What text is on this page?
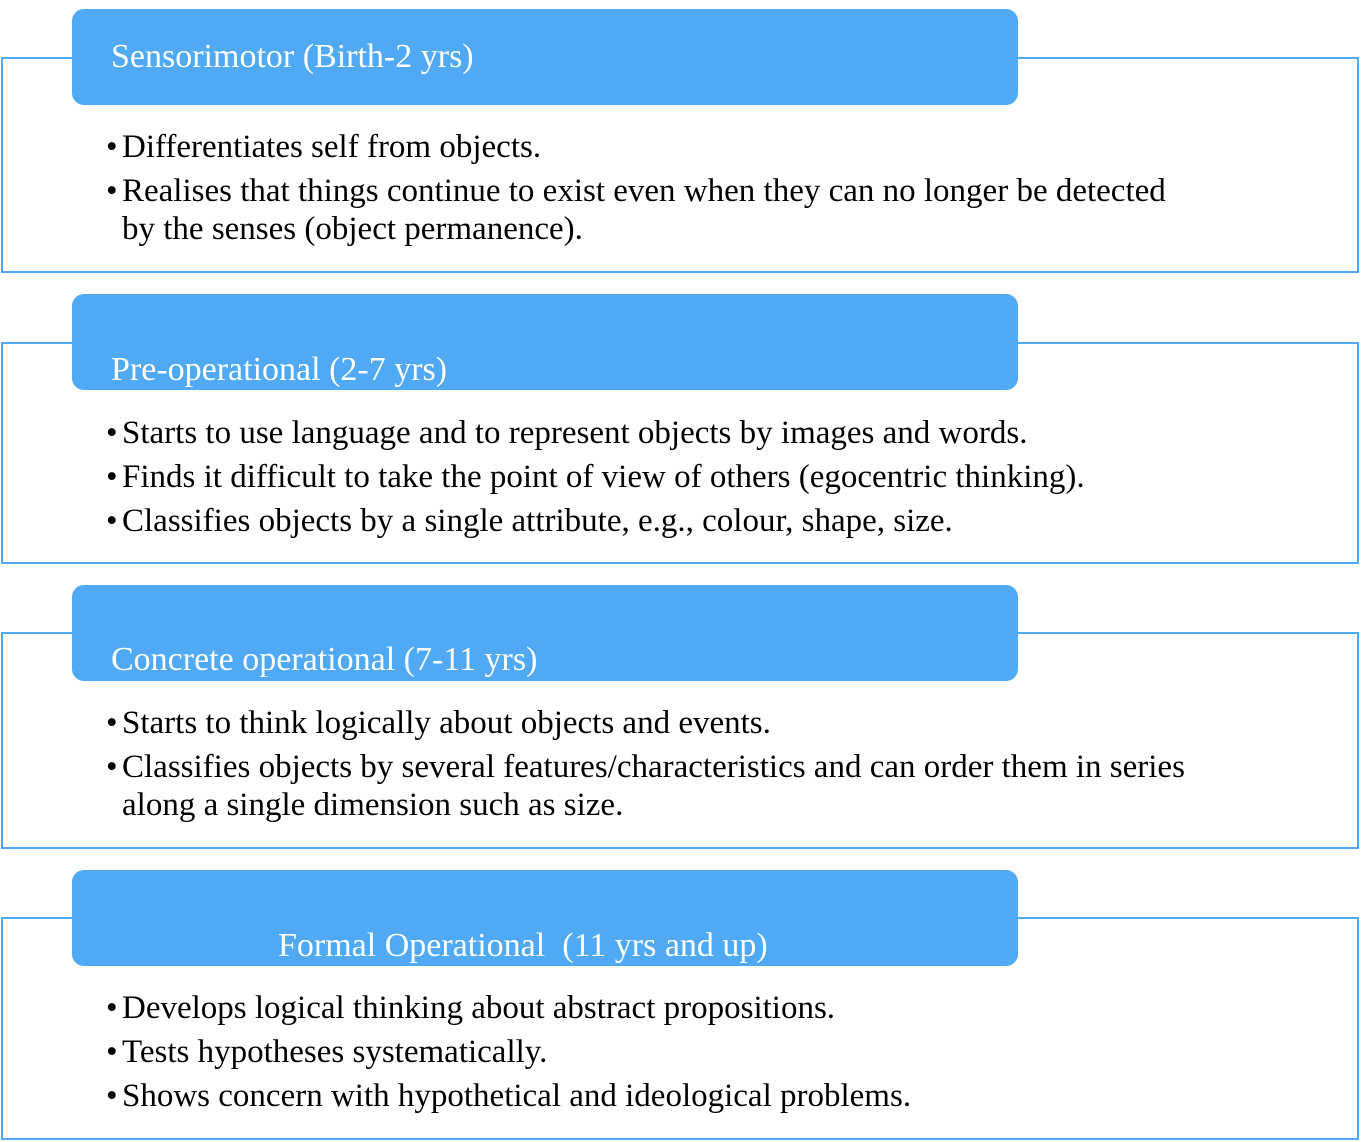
Sensorimotor (Birth-2 yrs)
• Differentiates self from objects.
• Realises that things continue to exist even when they can no longer be detected by the senses (object permanence).
Pre-operational (2-7 yrs)
• Starts to use language and to represent objects by images and words.
• Finds it difficult to take the point of view of others (egocentric thinking).
• Classifies objects by a single attribute, e.g., colour, shape, size.
Concrete operational (7-11 yrs)
• Starts to think logically about objects and events.
• Classifies objects by several features/characteristics and can order them in series along a single dimension such as size.
Formal Operational  (11 yrs and up)
• Develops logical thinking about abstract propositions.
• Tests hypotheses systematically.
• Shows concern with hypothetical and ideological problems.
